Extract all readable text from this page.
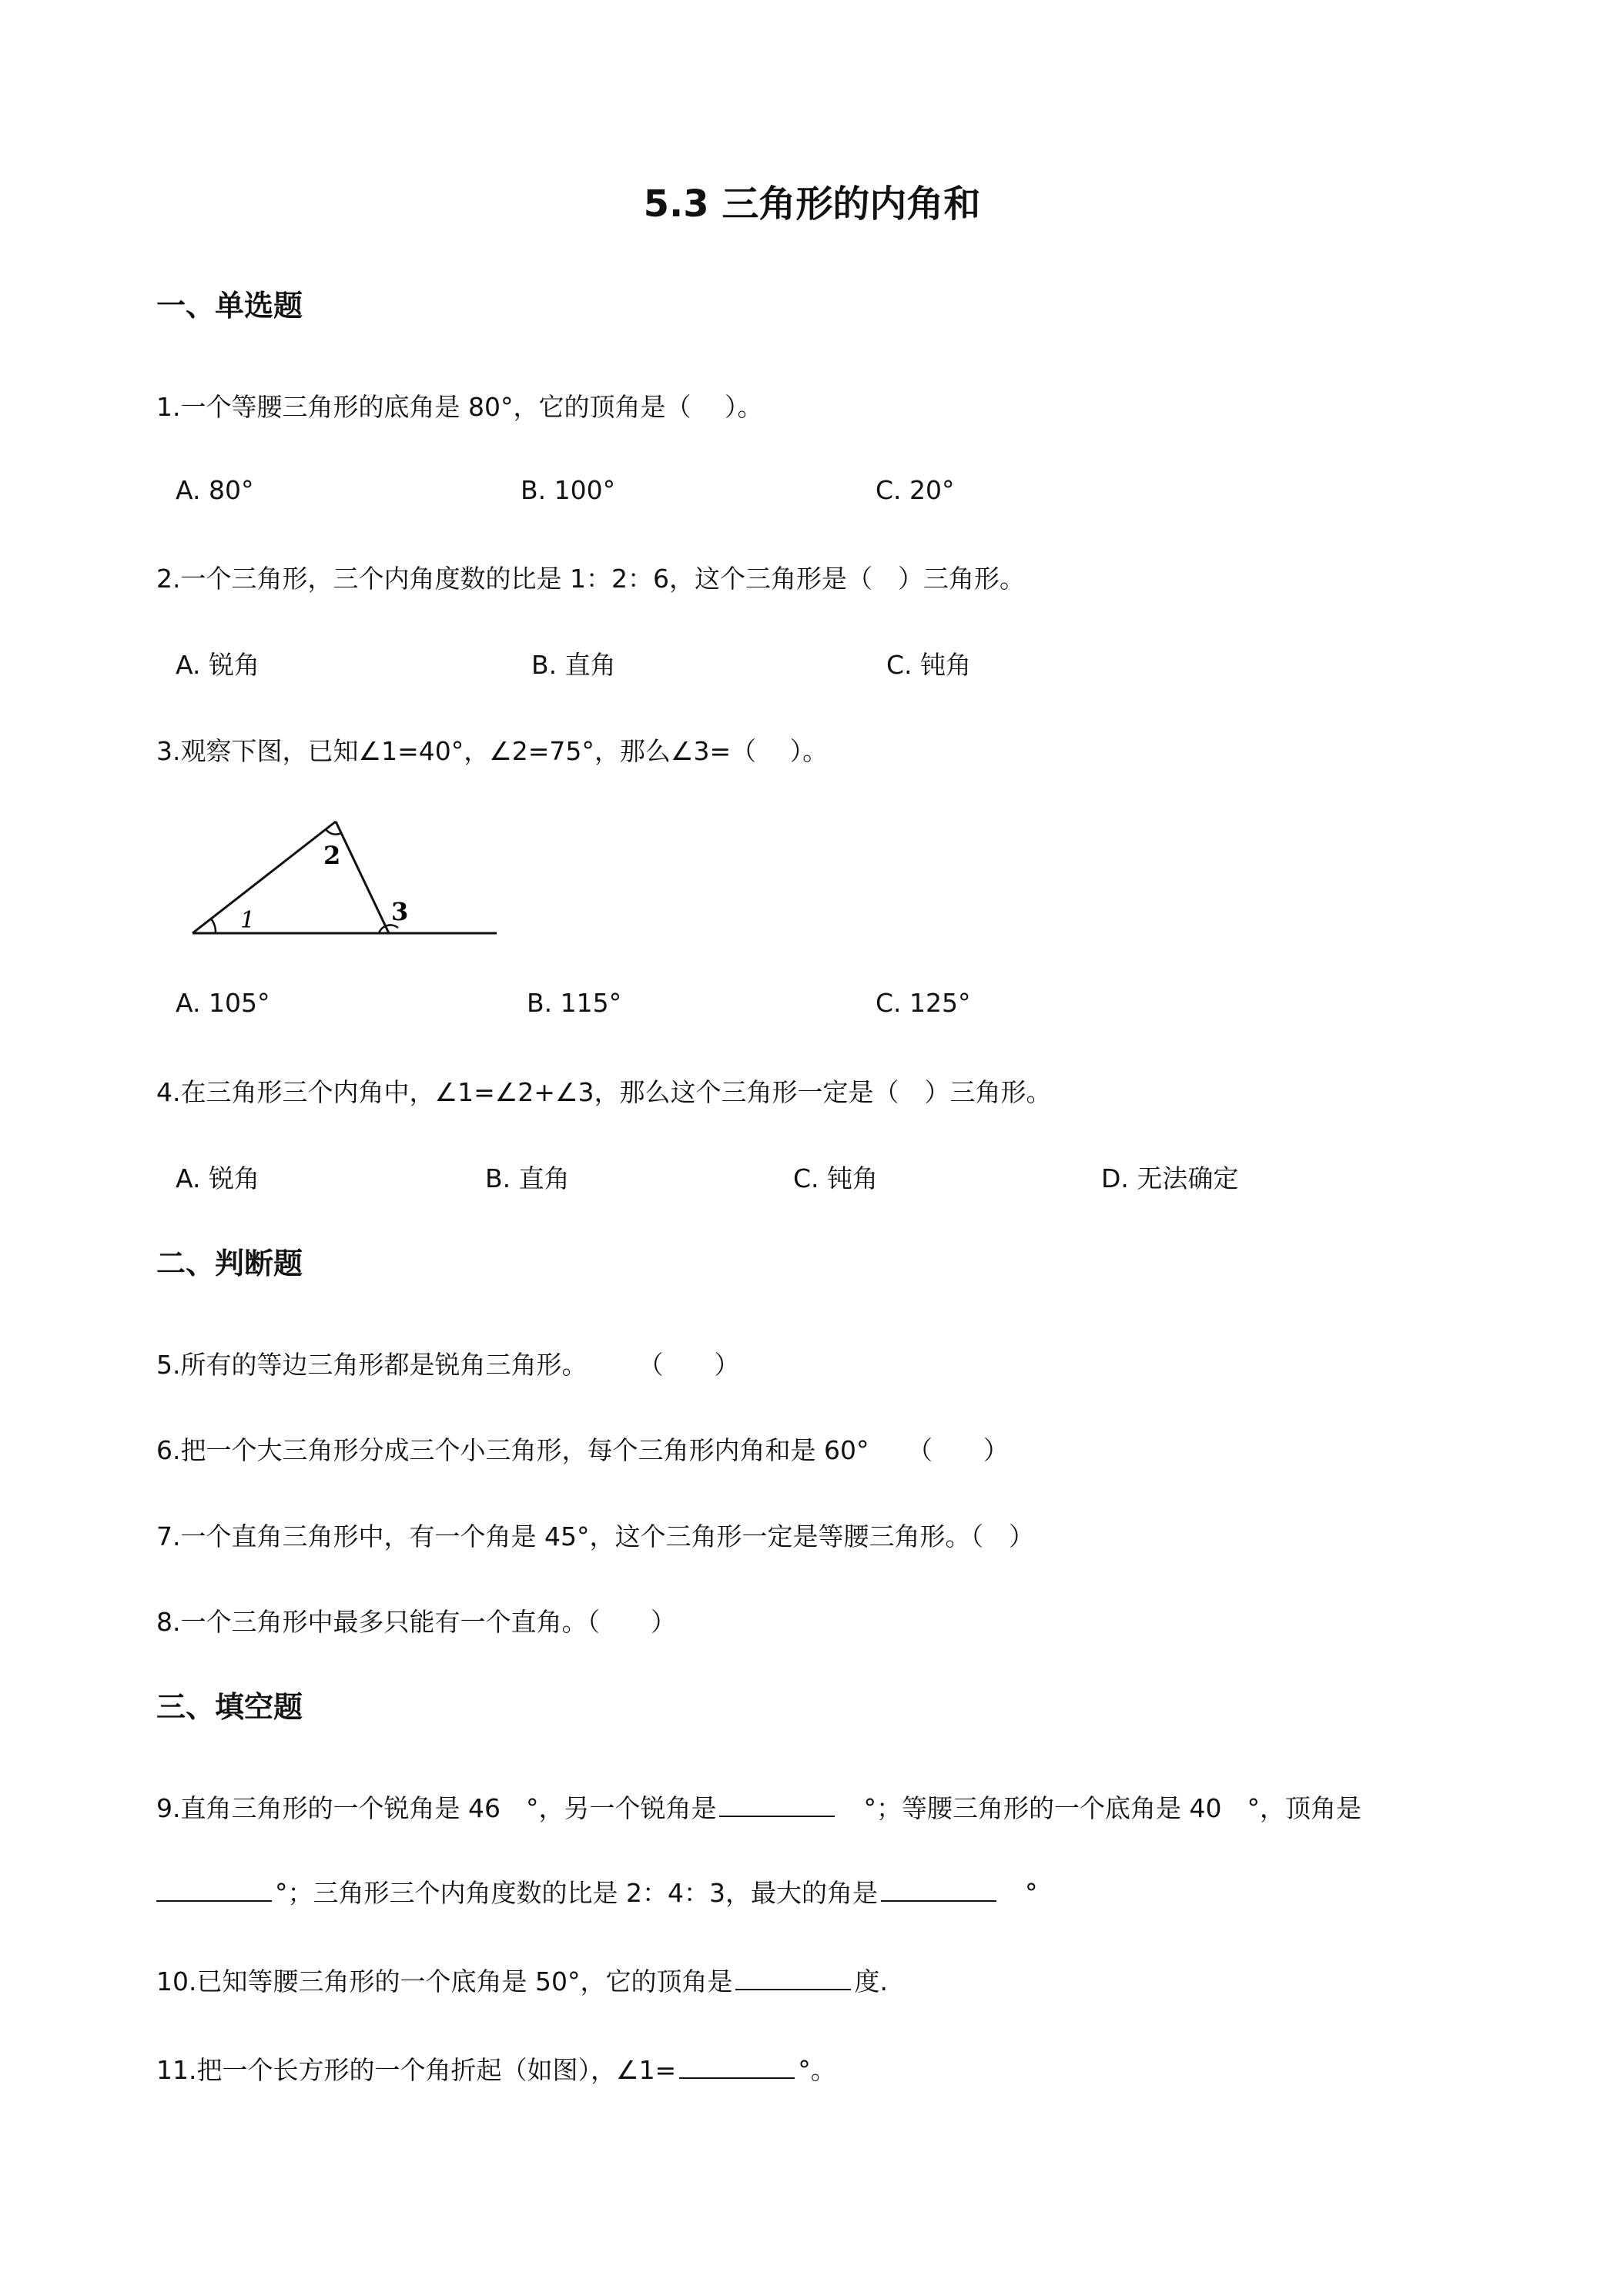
5.3 三角形的内角和
一、单选题
1.一个等腰三角形的底角是 80°，它的顶角是（　 ）。
A. 80°	B. 100°	C. 20°
2.一个三角形，三个内角度数的比是 1：2：6，这个三角形是（　）三角形。
A. 锐角	B. 直角	C. 钝角
3.观察下图，已知∠1=40°，∠2=75°，那么∠3=（　 ）。
1
2
3
A. 105°	B. 115°	C. 125°
4.在三角形三个内角中，∠1=∠2+∠3，那么这个三角形一定是（　）三角形。
A. 锐角	B. 直角	C. 钝角	D. 无法确定
二、判断题
5.所有的等边三角形都是锐角三角形。　　　（　　）
6.把一个大三角形分成三个小三角形，每个三角形内角和是 60°　　（　　）
7.一个直角三角形中，有一个角是 45°，这个三角形一定是等腰三角形。（　）
8.一个三角形中最多只能有一个直角。（　　）
三、填空题
9.直角三角形的一个锐角是 46　°，另一个锐角是	　°；等腰三角形的一个底角是 40　°，顶角是
°；三角形三个内角度数的比是 2：4：3，最大的角是	　°
10.已知等腰三角形的一个底角是 50°，它的顶角是	度.
11.把一个长方形的一个角折起（如图），∠1=	°。
